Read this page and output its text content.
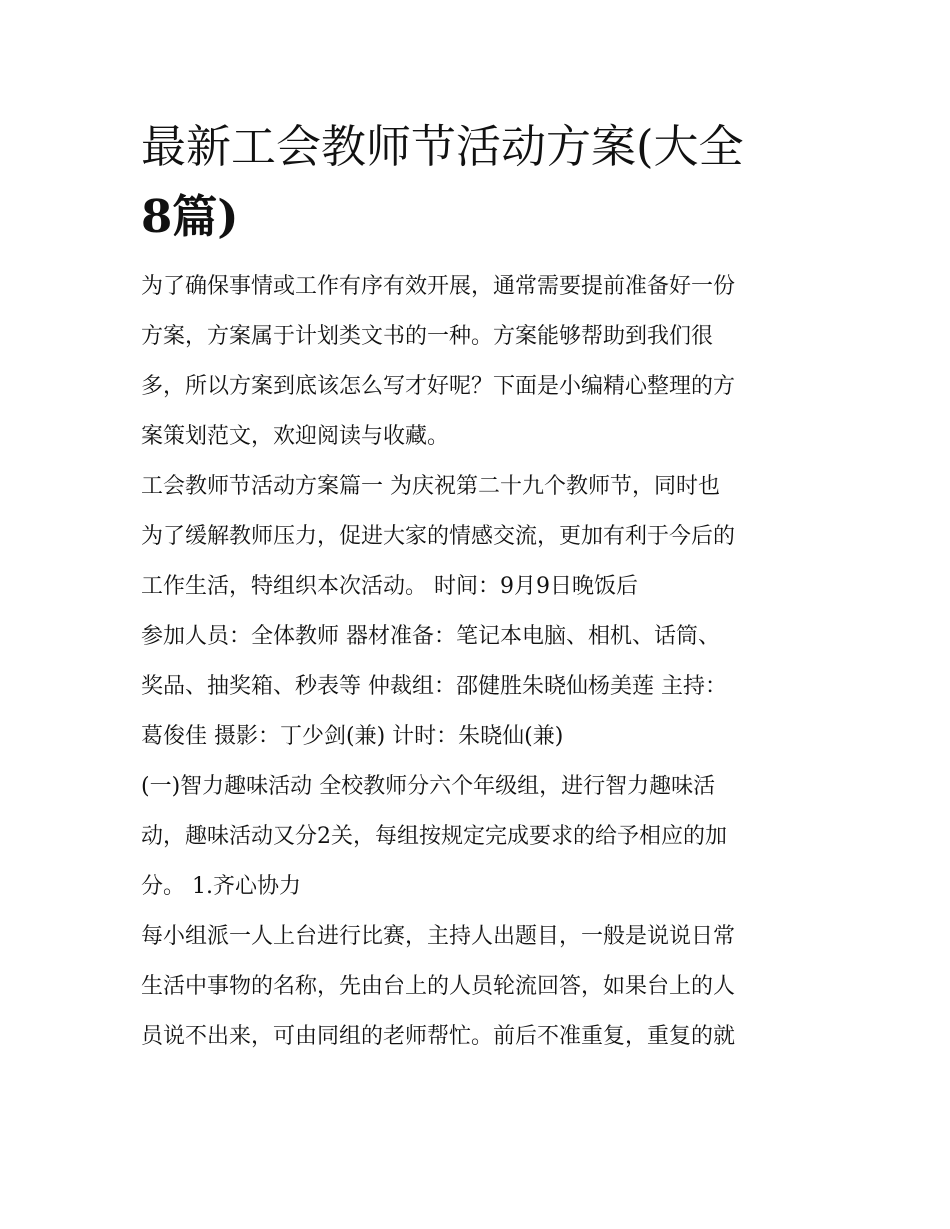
最新工会教师节活动方案(大全
8篇)

为了确保事情或工作有序有效开展，通常需要提前准备好一份
方案，方案属于计划类文书的一种。方案能够帮助到我们很
多，所以方案到底该怎么写才好呢？下面是小编精心整理的方
案策划范文，欢迎阅读与收藏。

工会教师节活动方案篇一 为庆祝第二十九个教师节，同时也
为了缓解教师压力，促进大家的情感交流，更加有利于今后的
工作生活，特组织本次活动。 时间：9月9日晚饭后

参加人员：全体教师 器材准备：笔记本电脑、相机、话筒、
奖品、抽奖箱、秒表等 仲裁组：邵健胜朱晓仙杨美莲 主持：
葛俊佳 摄影：丁少剑(兼) 计时：朱晓仙(兼)

(一)智力趣味活动 全校教师分六个年级组，进行智力趣味活
动，趣味活动又分2关，每组按规定完成要求的给予相应的加
分。 1.齐心协力

每小组派一人上台进行比赛，主持人出题目，一般是说说日常
生活中事物的名称，先由台上的人员轮流回答，如果台上的人
员说不出来，可由同组的老师帮忙。前后不准重复，重复的就
